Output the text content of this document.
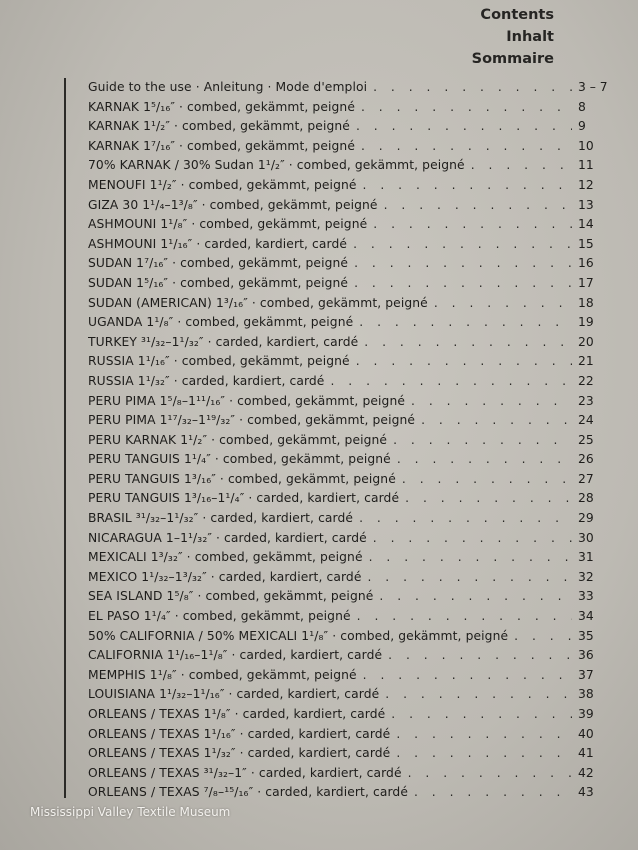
Contents
Inhalt
Sommaire
Guide to the use · Anleitung · Mode d'emploi . . .	3 – 7
KARNAK 1⁵/₁₆″ · combed, gekämmt, peigné . . .	8
KARNAK 1¹/₂″ · combed, gekämmt, peigné . . .	9
KARNAK 1⁷/₁₆″ · combed, gekämmt, peigné . . .	10
70% KARNAK / 30% Sudan 1¹/₂″ · combed, gekämmt, peigné . . .	11
MENOUFI 1¹/₂″ · combed, gekämmt, peigné . . .	12
GIZA 30 1¹/₄–1³/₈″ · combed, gekämmt, peigné . . .	13
ASHMOUNI 1¹/₈″ · combed, gekämmt, peigné . . .	14
ASHMOUNI 1¹/₁₆″ · carded, kardiert, cardé . . .	15
SUDAN 1⁷/₁₆″ · combed, gekämmt, peigné . . .	16
SUDAN 1⁵/₁₆″ · combed, gekämmt, peigné . . .	17
SUDAN (AMERICAN) 1³/₁₆″ · combed, gekämmt, peigné . . .	18
UGANDA 1¹/₈″ · combed, gekämmt, peigné . . .	19
TURKEY ³¹/₃₂–1¹/₃₂″ · carded, kardiert, cardé . . .	20
RUSSIA 1¹/₁₆″ · combed, gekämmt, peigné . . .	21
RUSSIA 1¹/₃₂″ · carded, kardiert, cardé . . .	22
PERU PIMA 1⁵/₈–1¹¹/₁₆″ · combed, gekämmt, peigné . . .	23
PERU PIMA 1¹⁷/₃₂–1¹⁹/₃₂″ · combed, gekämmt, peigné . . .	24
PERU KARNAK 1¹/₂″ · combed, gekämmt, peigné . . .	25
PERU TANGUIS 1¹/₄″ · combed, gekämmt, peigné . . .	26
PERU TANGUIS 1³/₁₆″ · combed, gekämmt, peigné . . .	27
PERU TANGUIS 1³/₁₆–1¹/₄″ · carded, kardiert, cardé . . .	28
BRASIL ³¹/₃₂–1¹/₃₂″ · carded, kardiert, cardé . . .	29
NICARAGUA 1–1¹/₃₂″ · carded, kardiert, cardé . . .	30
MEXICALI 1³/₃₂″ · combed, gekämmt, peigné . . .	31
MEXICO 1¹/₃₂–1³/₃₂″ · carded, kardiert, cardé . . .	32
SEA ISLAND 1⁵/₈″ · combed, gekämmt, peigné . . .	33
EL PASO 1¹/₄″ · combed, gekämmt, peigné . . .	34
50% CALIFORNIA / 50% MEXICALI 1¹/₈″ · combed, gekämmt, peigné . . .	35
CALIFORNIA 1¹/₁₆–1¹/₈″ · carded, kardiert, cardé . . .	36
MEMPHIS 1¹/₈″ · combed, gekämmt, peigné . . .	37
LOUISIANA 1¹/₃₂–1¹/₁₆″ · carded, kardiert, cardé . . .	38
ORLEANS / TEXAS 1¹/₈″ · carded, kardiert, cardé . . .	39
ORLEANS / TEXAS 1¹/₁₆″ · carded, kardiert, cardé . . .	40
ORLEANS / TEXAS 1¹/₃₂″ · carded, kardiert, cardé . . .	41
ORLEANS / TEXAS ³¹/₃₂–1″ · carded, kardiert, cardé . . .	42
ORLEANS / TEXAS ⁷/₈–¹⁵/₁₆″ · carded, kardiert, cardé . . .	43
Mississippi Valley Textile Museum
